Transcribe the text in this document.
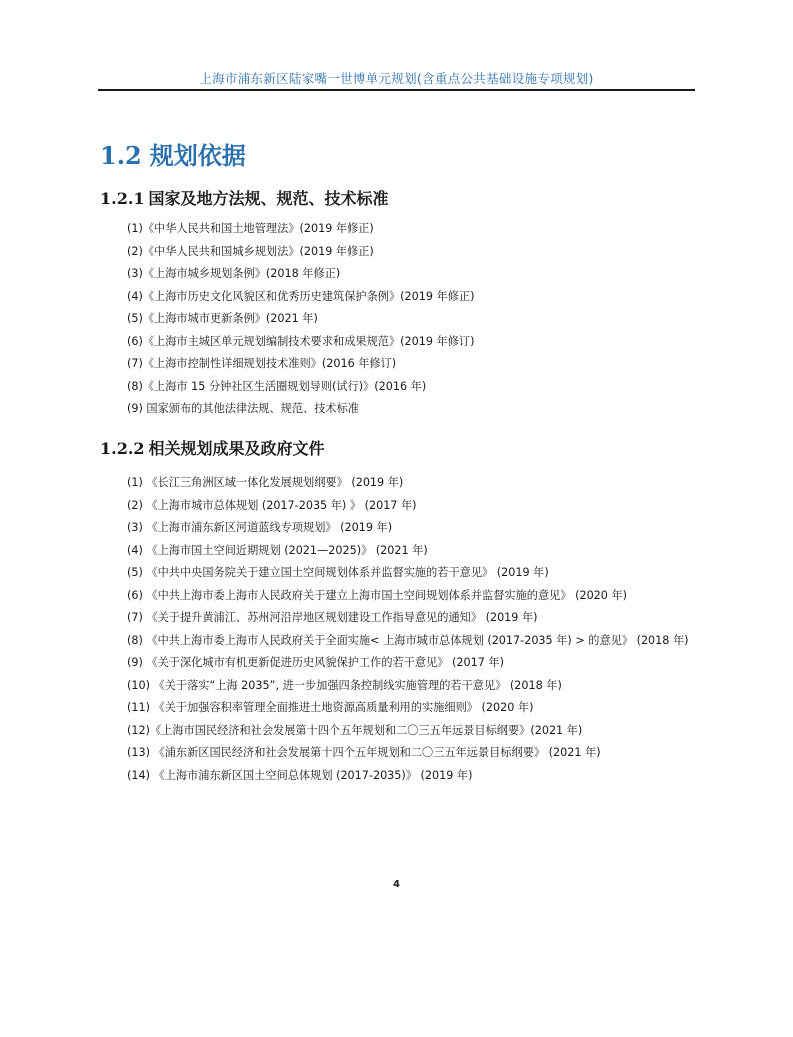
上海市浦东新区陆家嘴一世博单元规划(含重点公共基础设施专项规划)
1.2 规划依据
1.2.1 国家及地方法规、规范、技术标准
(1)《中华人民共和国土地管理法》(2019 年修正)
(2)《中华人民共和国城乡规划法》(2019 年修正)
(3)《上海市城乡规划条例》(2018 年修正)
(4)《上海市历史文化风貌区和优秀历史建筑保护条例》(2019 年修正)
(5)《上海市城市更新条例》(2021 年)
(6)《上海市主城区单元规划编制技术要求和成果规范》(2019 年修订)
(7)《上海市控制性详细规划技术准则》(2016 年修订)
(8)《上海市 15 分钟社区生活圈规划导则(试行)》(2016 年)
(9) 国家颁布的其他法律法规、规范、技术标准
1.2.2 相关规划成果及政府文件
(1) 《长江三角洲区域一体化发展规划纲要》 (2019 年)
(2) 《上海市城市总体规划 (2017-2035 年) 》 (2017 年)
(3) 《上海市浦东新区河道蓝线专项规划》 (2019 年)
(4) 《上海市国土空间近期规划 (2021—2025)》 (2021 年)
(5) 《中共中央国务院关于建立国土空间规划体系并监督实施的若干意见》 (2019 年)
(6) 《中共上海市委上海市人民政府关于建立上海市国土空间规划体系并监督实施的意见》 (2020 年)
(7) 《关于提升黄浦江、苏州河沿岸地区规划建设工作指导意见的通知》 (2019 年)
(8) 《中共上海市委上海市人民政府关于全面实施< 上海市城市总体规划 (2017-2035 年) > 的意见》 (2018 年)
(9) 《关于深化城市有机更新促进历史风貌保护工作的若干意见》 (2017 年)
(10) 《关于落实“上海 2035”, 进一步加强四条控制线实施管理的若干意见》 (2018 年)
(11) 《关于加强容积率管理全面推进土地资源高质量利用的实施细则》 (2020 年)
(12)《上海市国民经济和社会发展第十四个五年规划和二〇三五年远景目标纲要》(2021 年)
(13) 《浦东新区国民经济和社会发展第十四个五年规划和二〇三五年远景目标纲要》 (2021 年)
(14) 《上海市浦东新区国土空间总体规划 (2017-2035)》 (2019 年)
4
